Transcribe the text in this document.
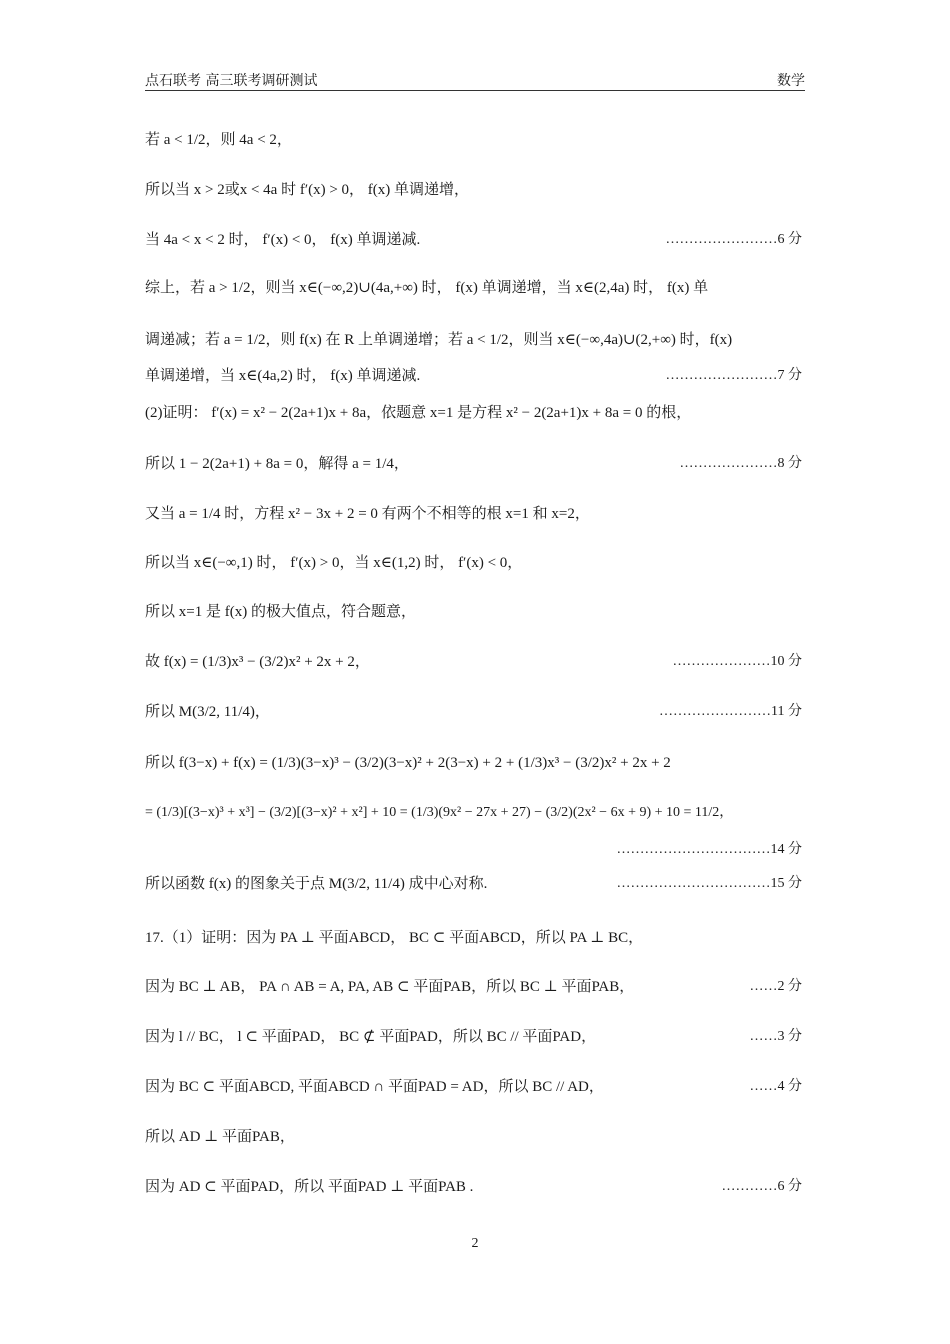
点石联考 高三联考调研测试	数学
若 a < 1/2，则 4a < 2，
所以当 x > 2或x < 4a 时 f′(x) > 0， f(x) 单调递增，
当 4a < x < 2 时， f′(x) < 0， f(x) 单调递减.	……………………6 分
综上，若 a > 1/2，则当 x∈(−∞,2)∪(4a,+∞) 时， f(x) 单调递增，当 x∈(2,4a) 时， f(x) 单
调递减；若 a = 1/2，则 f(x) 在 R 上单调递增；若 a < 1/2，则当 x∈(−∞,4a)∪(2,+∞) 时，f(x)
单调递增，当 x∈(4a,2) 时， f(x) 单调递减.	……………………7 分
(2)证明： f′(x) = x² − 2(2a+1)x + 8a，依题意 x=1 是方程 x² − 2(2a+1)x + 8a = 0 的根，
所以 1 − 2(2a+1) + 8a = 0，解得 a = 1/4，	…………………8 分
又当 a = 1/4 时，方程 x² − 3x + 2 = 0 有两个不相等的根 x=1 和 x=2，
所以当 x∈(−∞,1) 时， f′(x) > 0，当 x∈(1,2) 时， f′(x) < 0，
所以 x=1 是 f(x) 的极大值点，符合题意，
故 f(x) = (1/3)x³ − (3/2)x² + 2x + 2，	…………………10 分
所以 M(3/2, 11/4)，	……………………11 分
所以 f(3−x) + f(x) = (1/3)(3−x)³ − (3/2)(3−x)² + 2(3−x) + 2 + (1/3)x³ − (3/2)x² + 2x + 2
= (1/3)[(3−x)³ + x³] − (3/2)[(3−x)² + x²] + 10 = (1/3)(9x² − 27x + 27) − (3/2)(2x² − 6x + 9) + 10 = 11/2，
……………………………14 分
所以函数 f(x) 的图象关于点 M(3/2, 11/4) 成中心对称.	……………………………15 分
17.（1）证明：因为 PA ⊥ 平面ABCD， BC ⊂ 平面ABCD，所以 PA ⊥ BC，
因为 BC ⊥ AB， PA ∩ AB = A, PA, AB ⊂ 平面PAB，所以 BC ⊥ 平面PAB，	……2 分
因为 l // BC， l ⊂ 平面PAD， BC ⊄ 平面PAD，所以 BC // 平面PAD，	……3 分
因为 BC ⊂ 平面ABCD, 平面ABCD ∩ 平面PAD = AD，所以 BC // AD，	……4 分
所以 AD ⊥ 平面PAB，
因为 AD ⊂ 平面PAD，所以 平面PAD ⊥ 平面PAB .	…………6 分
2
